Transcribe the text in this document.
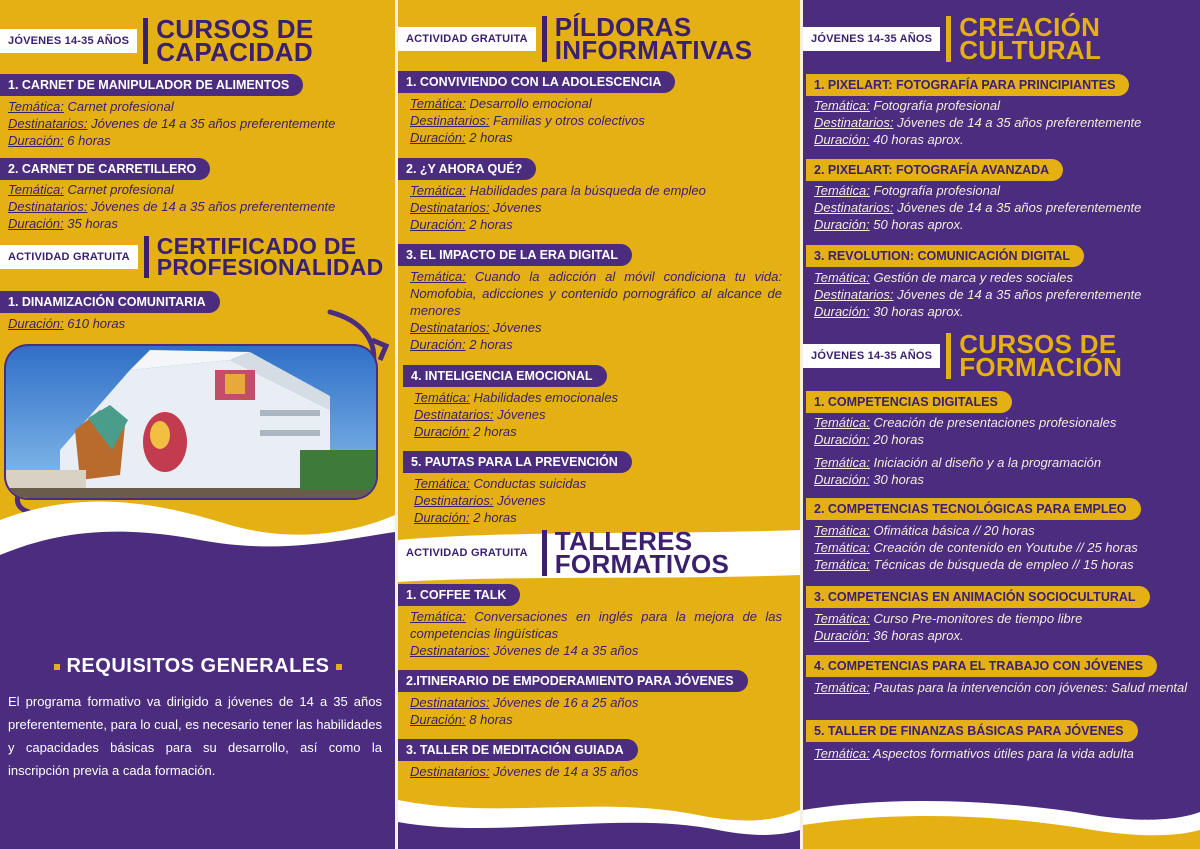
JÓVENES 14-35 AÑOS	CURSOS DE
CAPACIDAD
1. CARNET DE MANIPULADOR DE ALIMENTOS
Temática: Carnet profesional
Destinatarios: Jóvenes de 14 a 35 años preferentemente
Duración: 6 horas
2. CARNET DE CARRETILLERO
Temática: Carnet profesional
Destinatarios: Jóvenes de 14 a 35 años preferentemente
Duración: 35 horas
ACTIVIDAD GRATUITA	CERTIFICADO DE
PROFESIONALIDAD
1. DINAMIZACIÓN COMUNITARIA
Duración: 610 horas
REQUISITOS GENERALES
El programa formativo va dirigido a jóvenes de 14 a 35 años preferentemente, para lo cual, es necesario tener las habilidades y capacidades básicas para su desarrollo, así como la inscripción previa a cada formación.
ACTIVIDAD GRATUITA	PÍLDORAS
INFORMATIVAS
1. CONVIVIENDO CON LA ADOLESCENCIA
Temática: Desarrollo emocional
Destinatarios: Familias y otros colectivos
Duración: 2 horas
2. ¿Y AHORA QUÉ?
Temática: Habilidades para la búsqueda de empleo
Destinatarios: Jóvenes
Duración: 2 horas
3. EL IMPACTO DE LA ERA DIGITAL
Temática: Cuando la adicción al móvil condiciona tu vida: Nomofobia, adicciones y contenido pornográfico al alcance de menores
Destinatarios: Jóvenes
Duración: 2 horas
4. INTELIGENCIA EMOCIONAL
Temática: Habilidades emocionales
Destinatarios: Jóvenes
Duración: 2 horas
5. PAUTAS PARA LA PREVENCIÓN
Temática: Conductas suicidas
Destinatarios: Jóvenes
Duración: 2 horas
ACTIVIDAD GRATUITA	TALLERES
FORMATIVOS
1. COFFEE TALK
Temática: Conversaciones en inglés para la mejora de las competencias lingüísticas
Destinatarios: Jóvenes de 14 a 35 años
2.ITINERARIO DE EMPODERAMIENTO PARA JÓVENES
Destinatarios: Jóvenes de 16 a 25 años
Duración: 8 horas
3. TALLER DE MEDITACIÓN GUIADA
Destinatarios: Jóvenes de 14 a 35 años
JÓVENES 14-35 AÑOS	CREACIÓN
CULTURAL
1. PIXELART: FOTOGRAFÍA PARA PRINCIPIANTES
Temática: Fotografía profesional
Destinatarios: Jóvenes de 14 a 35 años preferentemente
Duración: 40 horas aprox.
2. PIXELART: FOTOGRAFÍA AVANZADA
Temática: Fotografía profesional
Destinatarios: Jóvenes de 14 a 35 años preferentemente
Duración: 50 horas aprox.
3. REVOLUTION: COMUNICACIÓN DIGITAL
Temática: Gestión de marca y redes sociales
Destinatarios: Jóvenes de 14 a 35 años preferentemente
Duración: 30 horas aprox.
JÓVENES 14-35 AÑOS	CURSOS DE
FORMACIÓN
1. COMPETENCIAS DIGITALES
Temática: Creación de presentaciones profesionales
Duración: 20 horas
Temática: Iniciación al diseño y a la programación
Duración: 30 horas
2. COMPETENCIAS TECNOLÓGICAS PARA EMPLEO
Temática: Ofimática básica // 20 horas
Temática: Creación de contenido en Youtube // 25 horas
Temática: Técnicas de búsqueda de empleo // 15 horas
3. COMPETENCIAS EN ANIMACIÓN SOCIOCULTURAL
Temática: Curso Pre-monitores de tiempo libre
Duración: 36 horas aprox.
4. COMPETENCIAS PARA EL TRABAJO CON JÓVENES
Temática: Pautas para la intervención con jóvenes: Salud mental
5. TALLER DE FINANZAS BÁSICAS PARA JÓVENES
Temática: Aspectos formativos útiles para la vida adulta
